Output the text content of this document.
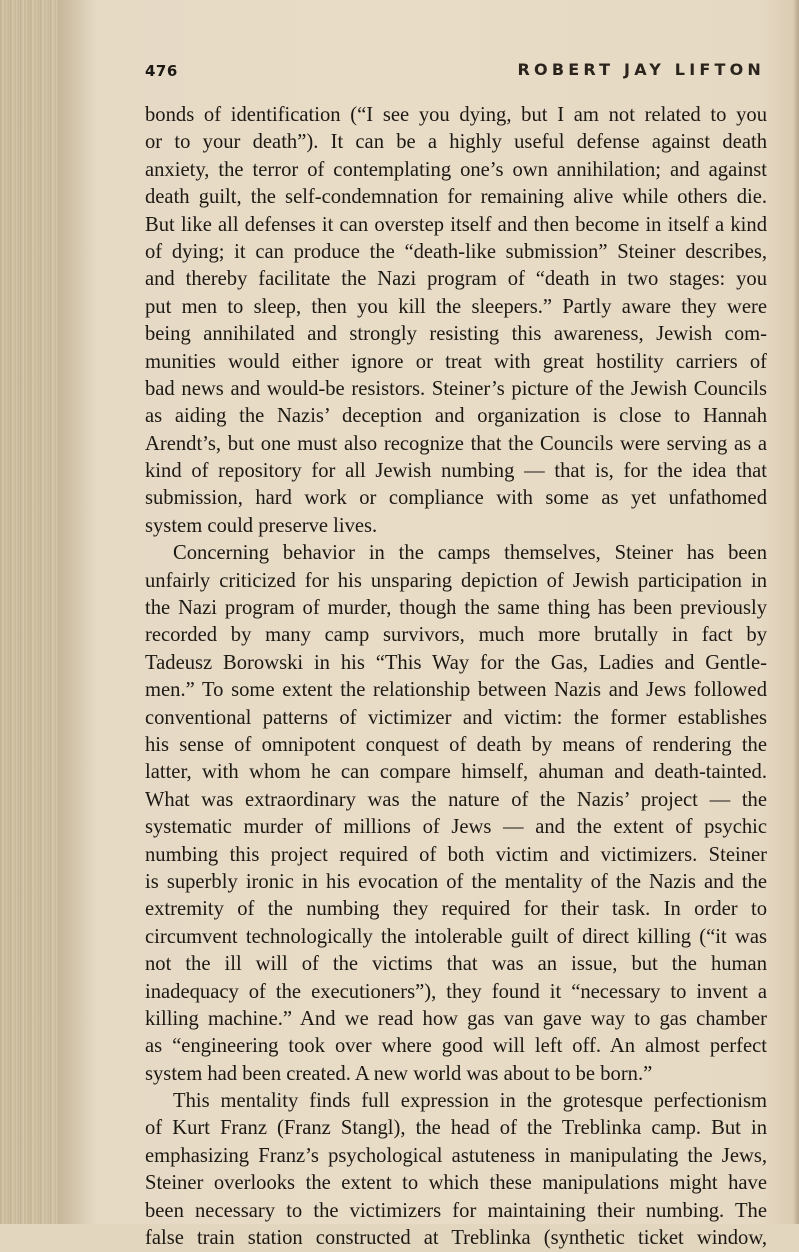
476	ROBERT JAY LIFTON
bonds of identification (“I see you dying, but I am not related to you
or to your death”). It can be a highly useful defense against death
anxiety, the terror of contemplating one’s own annihilation; and against
death guilt, the self-condemnation for remaining alive while others die.
But like all defenses it can overstep itself and then become in itself a kind
of dying; it can produce the “death-like submission” Steiner describes,
and thereby facilitate the Nazi program of “death in two stages: you
put men to sleep, then you kill the sleepers.” Partly aware they were
being annihilated and strongly resisting this awareness, Jewish com-
munities would either ignore or treat with great hostility carriers of
bad news and would-be resistors. Steiner’s picture of the Jewish Councils
as aiding the Nazis’ deception and organization is close to Hannah
Arendt’s, but one must also recognize that the Councils were serving as a
kind of repository for all Jewish numbing — that is, for the idea that
submission, hard work or compliance with some as yet unfathomed
system could preserve lives.
Concerning behavior in the camps themselves, Steiner has been
unfairly criticized for his unsparing depiction of Jewish participation in
the Nazi program of murder, though the same thing has been previously
recorded by many camp survivors, much more brutally in fact by
Tadeusz Borowski in his “This Way for the Gas, Ladies and Gentle-
men.” To some extent the relationship between Nazis and Jews followed
conventional patterns of victimizer and victim: the former establishes
his sense of omnipotent conquest of death by means of rendering the
latter, with whom he can compare himself, ahuman and death-tainted.
What was extraordinary was the nature of the Nazis’ project — the
systematic murder of millions of Jews — and the extent of psychic
numbing this project required of both victim and victimizers. Steiner
is superbly ironic in his evocation of the mentality of the Nazis and the
extremity of the numbing they required for their task. In order to
circumvent technologically the intolerable guilt of direct killing (“it was
not the ill will of the victims that was an issue, but the human
inadequacy of the executioners”), they found it “necessary to invent a
killing machine.” And we read how gas van gave way to gas chamber
as “engineering took over where good will left off. An almost perfect
system had been created. A new world was about to be born.”
This mentality finds full expression in the grotesque perfectionism
of Kurt Franz (Franz Stangl), the head of the Treblinka camp. But in
emphasizing Franz’s psychological astuteness in manipulating the Jews,
Steiner overlooks the extent to which these manipulations might have
been necessary to the victimizers for maintaining their numbing. The
false train station constructed at Treblinka (synthetic ticket window,
